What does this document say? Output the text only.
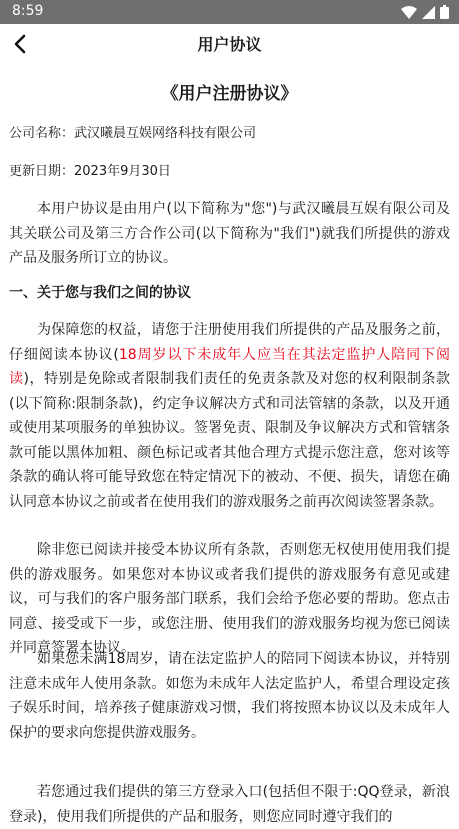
8:59
用户协议
《用户注册协议》
公司名称：武汉曦晨互娱网络科技有限公司
更新日期：2023年9月30日

本用户协议是由用户(以下简称为"您")与武汉曦晨互娱有限公司及其关联公司及第三方合作公司(以下简称为"我们")就我们所提供的游戏产品及服务所订立的协议。

一、关于您与我们之间的协议

为保障您的权益，请您于注册使用我们所提供的产品及服务之前，仔细阅读本协议(18周岁以下未成年人应当在其法定监护人陪同下阅读)，特别是免除或者限制我们责任的免责条款及对您的权利限制条款(以下简称:限制条款)，约定争议解决方式和司法管辖的条款，以及开通或使用某项服务的单独协议。签署免责、限制及争议解决方式和管辖条款可能以黑体加粗、颜色标记或者其他合理方式提示您注意，您对该等条款的确认将可能导致您在特定情况下的被动、不便、损失，请您在确认同意本协议之前或者在使用我们的游戏服务之前再次阅读签署条款。

除非您已阅读并接受本协议所有条款，否则您无权使用使用我们提供的游戏服务。如果您对本协议或者我们提供的游戏服务有意见或建议，可与我们的客户服务部门联系，我们会给予您必要的帮助。您点击同意、接受或下一步，或您注册、使用我们的游戏服务均视为您已阅读并同意签署本协议。

如果您未满18周岁，请在法定监护人的陪同下阅读本协议，并特别注意未成年人使用条款。如您为未成年人法定监护人，希望合理设定孩子娱乐时间，培养孩子健康游戏习惯，我们将按照本协议以及未成年人保护的要求向您提供游戏服务。

若您通过我们提供的第三方登录入口(包括但不限于:QQ登录，新浪登录)，使用我们所提供的产品和服务，则您应同时遵守我们的
